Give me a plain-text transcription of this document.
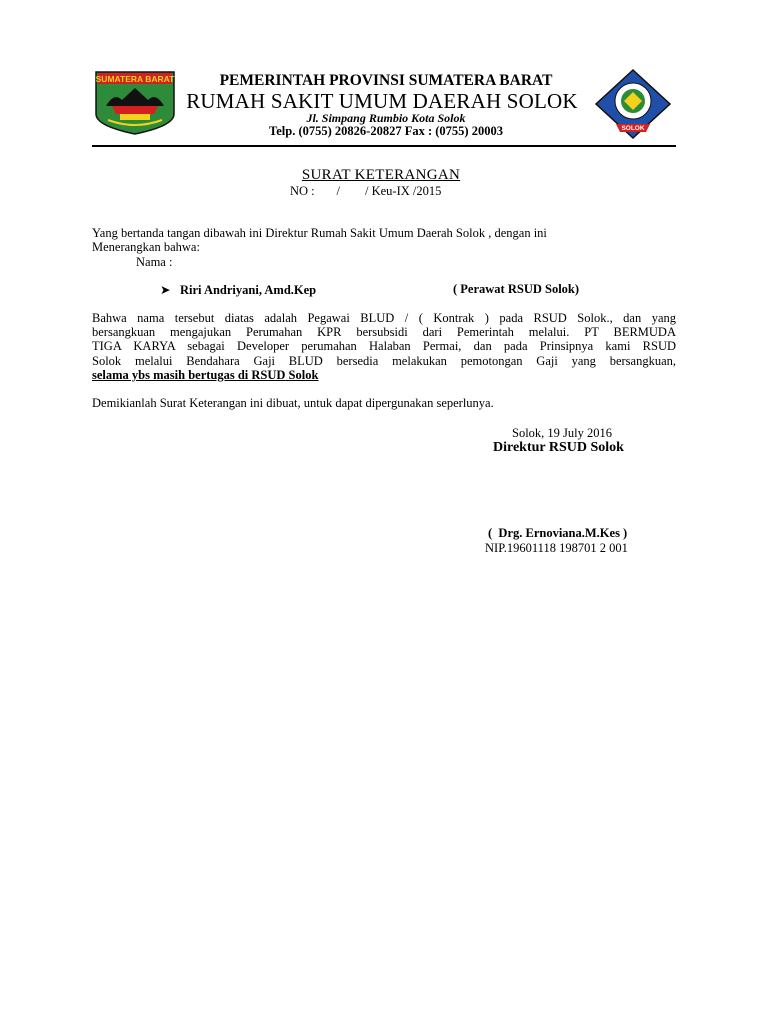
SUMATERA BARAT	PEMERINTAH PROVINSI SUMATERA BARAT
RUMAH SAKIT UMUM DAERAH SOLOK
Jl. Simpang Rumbio Kota Solok
Telp. (0755) 20826-20827 Fax : (0755) 20003	SOLOK
SURAT KETERANGAN
NO :       /        / Keu-IX /2015
Yang bertanda tangan dibawah ini Direktur Rumah Sakit Umum Daerah Solok , dengan ini
Menerangkan bahwa:
Nama :
➤ Riri Andriyani, Amd.Kep	( Perawat RSUD Solok)
Bahwa nama tersebut diatas adalah Pegawai BLUD / ( Kontrak ) pada RSUD Solok., dan yang
bersangkuan mengajukan Perumahan KPR bersubsidi dari Pemerintah melalui. PT BERMUDA
TIGA KARYA sebagai Developer perumahan Halaban Permai, dan pada Prinsipnya kami RSUD
Solok melalui Bendahara Gaji BLUD bersedia melakukan pemotongan Gaji yang bersangkuan,
selama ybs masih bertugas di RSUD Solok
Demikianlah Surat Keterangan ini dibuat, untuk dapat dipergunakan seperlunya.
Solok, 19 July 2016
Direktur RSUD Solok
(  Drg. Ernoviana.M.Kes )
NIP.19601118 198701 2 001
